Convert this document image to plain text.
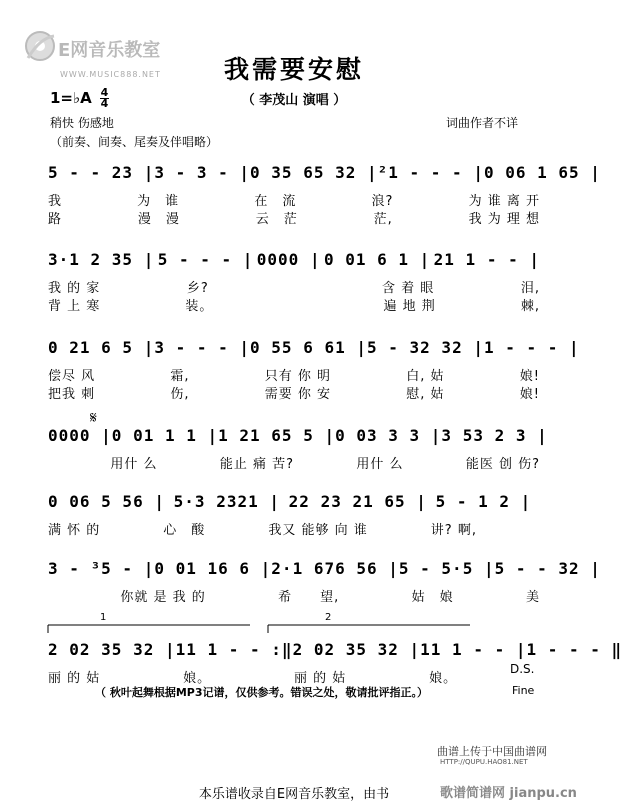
E网音乐教室
WWW.MUSIC888.NET	我需要安慰
（ 李茂山 演唱 ）
1=♭A 4
4
稍快 伤感地	词曲作者不详
（前奏、间奏、尾奏及伴唱略）
𝄋
5 - - 23 | 3 - 3 - | 0 35 65 32 | ²1 - - - | 0 06 1 65 |
我	为　谁	在　流	浪?	为 谁 离 开
路	漫　漫	云　茫	茫,	我 为 理 想
3·1 2 35 | 5 - - - | 0000 | 0 01 6 1 | 21 1 - - |
我 的 家	乡?	含 着 眼	泪,
背 上 寒	装。	遍 地 荆	棘,
0 21 6 5 | 3 - - - | 0 55 6 61 | 5 - 32 32 | 1 - - - |
偿尽 风	霜,	只有 你 明	白, 姑	娘!
把我 刺	伤,	需要 你 安	慰, 姑	娘!
0000 | 0 01 1 1 | 1 21 65 5 | 0 03 3 3 | 3 53 2 3 |
用什 么	能止 痛 苦?	用什 么	能医 创 伤?
0 06 5 56 | 5·3 2321 | 22 23 21 65 | 5 - 1 2 |
满 怀 的	心　酸	我又 能够 向 谁	讲? 啊,
3 - ³5 - | 0 01 16 6 | 2·1 676 56 | 5 - 5·5 | 5 - - 32 |
你就 是 我 的	希　　望,	姑　娘	美
2 02 35 32 | 11 1 - - :‖ 2 02 35 32 | 11 1 - - | 1 - - - ‖
丽 的 姑	娘。	丽 的 姑	娘。
1	2
D.S.
（ 秋叶起舞根据MP3记谱，仅供参考。错误之处，敬请批评指正。）	Fine
曲谱上传于中国曲谱网
HTTP://QUPU.HAO81.NET
歌谱简谱网 jianpu.cn
本乐谱收录自E网音乐教室，由书
